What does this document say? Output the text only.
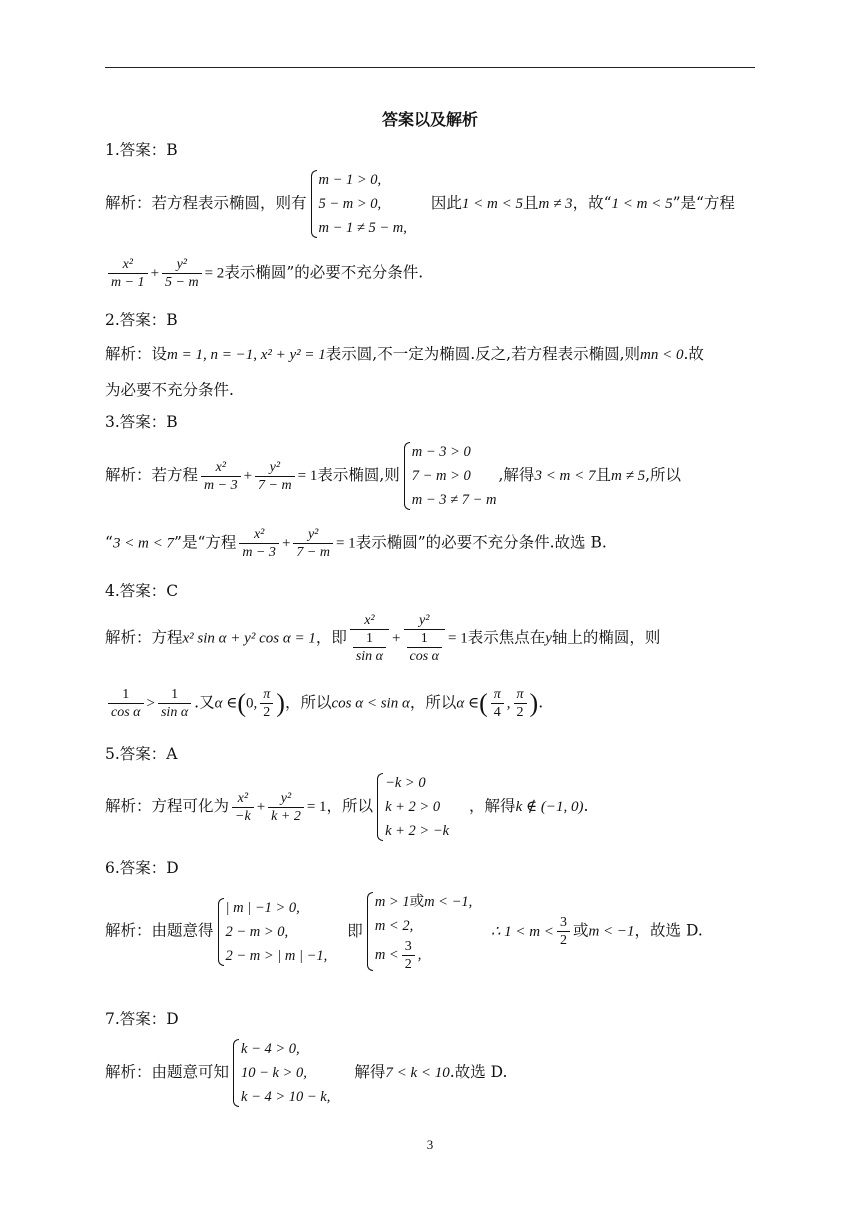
答案以及解析
1.答案：B
解析：若方程表示椭圆，则有
m − 1 > 0,
5 − m > 0,
m − 1 ≠ 5 − m,
因此1 < m < 5且m ≠ 3，故“1 < m < 5”是“方程
$\frac{\text{x²}}{m - 1} + \frac{\text{y²}}{5 - m} = 2$表示椭圆”的必要不充分条件.
2.答案：B
解析：设m = 1, n = −1, x² + y² = 1表示圆,不一定为椭圆.反之,若方程表示椭圆,则mn < 0.故
为必要不充分条件.
3.答案：B
解析：若方程 $\frac{\text{x²}}{m - 3} + \frac{\text{y²}}{7 - m} = 1$表示椭圆,则
m − 3 > 0
7 − m > 0
m − 3 ≠ 7 − m
,解得3 < m < 7且m ≠ 5,所以
“3 < m < 7”是“方程 $\frac{\text{x²}}{m - 3} + \frac{\text{y²}}{7 - m} = 1$表示椭圆”的必要不充分条件.故选 B.
4.答案：C
解析：方程x² sin α + y² cos α = 1，即 $\frac{\text{x²}}{\frac{1}{\text{sin α}}} + \frac{\text{y²}}{\frac{1}{\text{cos α}}} = 1$表示焦点在y轴上的椭圆，则
$\frac{1}{\text{cos α}} > \frac{1}{\text{sin α}}$ .又α ∈(0, $\frac{\pi}{2}$ )，所以cos α < sin α，所以α ∈( $\frac{\pi}{4}$ , $\frac{\pi}{2}$ ).
5.答案：A
解析：方程可化为 $\frac{\text{x²}}{-k} + \frac{\text{y²}}{k + 2} = 1$，所以
−k > 0
k + 2 > 0
k + 2 > −k
，解得k ∉ (−1, 0).
6.答案：D
解析：由题意得
| m | −1 > 0,
2 − m > 0,
2 − m > | m | −1,
即
m > 1或m < −1,
m < 2,
$m < \frac{3}{2}$ ,
∴ $1 < m < \frac{3}{2}$ 或m < −1，故选 D.
7.答案：D
解析：由题意可知
k − 4 > 0,
10 − k > 0,
k − 4 > 10 − k,
解得7 < k < 10.故选 D.
3
